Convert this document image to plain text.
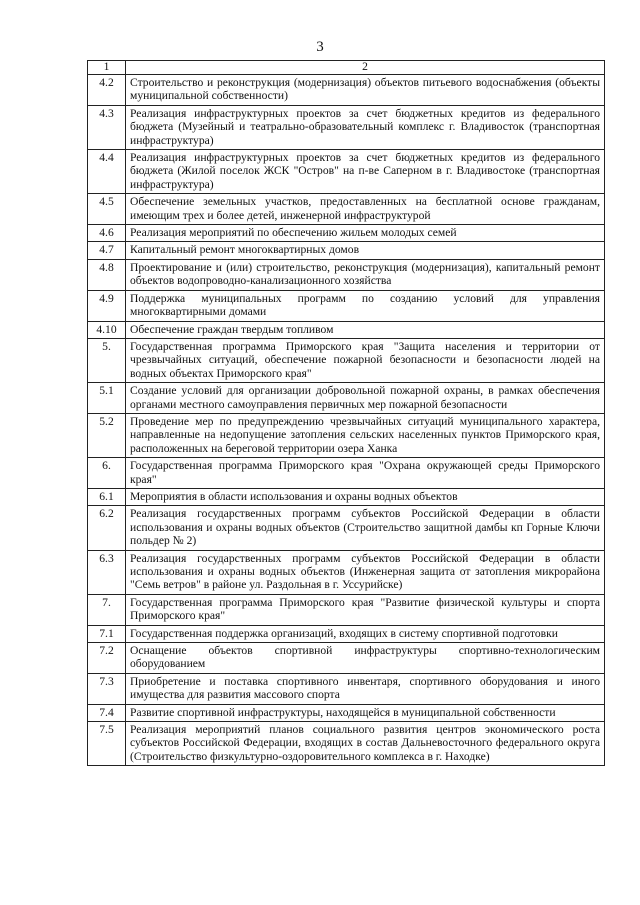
3
1	2
4.2	Строительство и реконструкция (модернизация) объектов питьевого водоснабжения (объекты муниципальной собственности)
4.3	Реализация инфраструктурных проектов за счет бюджетных кредитов из федерального бюджета (Музейный и театрально-образовательный комплекс г. Владивосток (транспортная инфраструктура)
4.4	Реализация инфраструктурных проектов за счет бюджетных кредитов из федерального бюджета (Жилой поселок ЖСК "Остров" на п-ве Саперном в г. Владивостоке (транспортная инфраструктура)
4.5	Обеспечение земельных участков, предоставленных на бесплатной основе гражданам, имеющим трех и более детей, инженерной инфраструктурой
4.6	Реализация мероприятий по обеспечению жильем молодых семей
4.7	Капитальный ремонт многоквартирных домов
4.8	Проектирование и (или) строительство, реконструкция (модернизация), капитальный ремонт объектов водопроводно-канализационного хозяйства
4.9	Поддержка муниципальных программ по созданию условий для управления многоквартирными домами
4.10	Обеспечение граждан твердым топливом
5.	Государственная программа Приморского края "Защита населения и территории от чрезвычайных ситуаций, обеспечение пожарной безопасности и безопасности людей на водных объектах Приморского края"
5.1	Создание условий для организации добровольной пожарной охраны, в рамках обеспечения органами местного самоуправления первичных мер пожарной безопасности
5.2	Проведение мер по предупреждению чрезвычайных ситуаций муниципального характера, направленные на недопущение затопления сельских населенных пунктов Приморского края, расположенных на береговой территории озера Ханка
6.	Государственная программа Приморского края "Охрана окружающей среды Приморского края"
6.1	Мероприятия в области использования и охраны водных объектов
6.2	Реализация государственных программ субъектов Российской Федерации в области использования и охраны водных объектов (Строительство защитной дамбы кп Горные Ключи польдер № 2)
6.3	Реализация государственных программ субъектов Российской Федерации в области использования и охраны водных объектов (Инженерная защита от затопления микрорайона "Семь ветров" в районе ул. Раздольная в г. Уссурийске)
7.	Государственная программа Приморского края "Развитие физической культуры и спорта Приморского края"
7.1	Государственная поддержка организаций, входящих в систему спортивной подготовки
7.2	Оснащение объектов спортивной инфраструктуры спортивно-технологическим оборудованием
7.3	Приобретение и поставка спортивного инвентаря, спортивного оборудования и иного имущества для развития массового спорта
7.4	Развитие спортивной инфраструктуры, находящейся в муниципальной собственности
7.5	Реализация мероприятий планов социального развития центров экономического роста субъектов Российской Федерации, входящих в состав Дальневосточного федерального округа (Строительство физкультурно-оздоровительного комплекса в г. Находке)
